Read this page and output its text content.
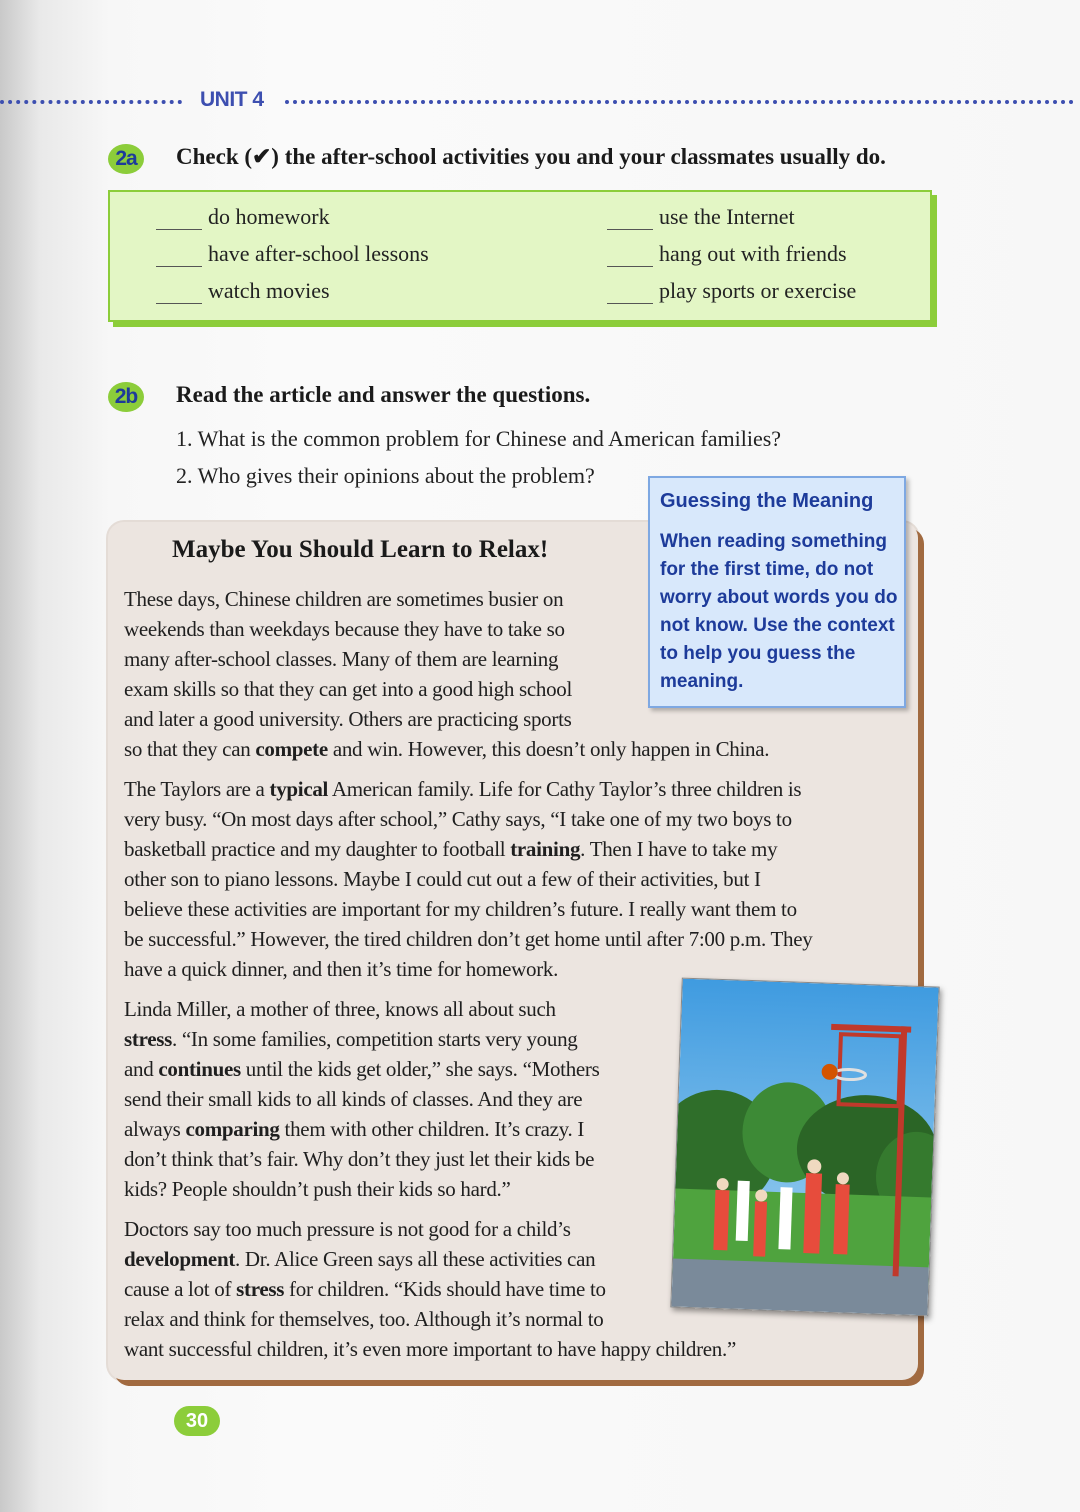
UNIT 4
2a	Check (✔) the after-school activities you and your classmates usually do.
do homework
have after-school lessons
watch movies
use the Internet
hang out with friends
play sports or exercise
2b Read the article and answer the questions.
1. What is the common problem for Chinese and American families?
2. Who gives their opinions about the problem?
Maybe You Should Learn to Relax!
These days, Chinese children are sometimes busier on
weekends than weekdays because they have to take so
many after-school classes. Many of them are learning
exam skills so that they can get into a good high school
and later a good university. Others are practicing sports
so that they can compete and win. However, this doesn’t only happen in China.
The Taylors are a typical American family. Life for Cathy Taylor’s three children is
very busy. “On most days after school,” Cathy says, “I take one of my two boys to
basketball practice and my daughter to football training. Then I have to take my
other son to piano lessons. Maybe I could cut out a few of their activities, but I
believe these activities are important for my children’s future. I really want them to
be successful.” However, the tired children don’t get home until after 7:00 p.m. They
have a quick dinner, and then it’s time for homework.
Linda Miller, a mother of three, knows all about such
stress. “In some families, competition starts very young
and continues until the kids get older,” she says. “Mothers
send their small kids to all kinds of classes. And they are
always comparing them with other children. It’s crazy. I
don’t think that’s fair. Why don’t they just let their kids be
kids? People shouldn’t push their kids so hard.”
Doctors say too much pressure is not good for a child’s
development. Dr. Alice Green says all these activities can
cause a lot of stress for children. “Kids should have time to
relax and think for themselves, too. Although it’s normal to
want successful children, it’s even more important to have happy children.”
Guessing the Meaning
When reading something for the first time, do not worry about words you do not know. Use the context to help you guess the meaning.
30
